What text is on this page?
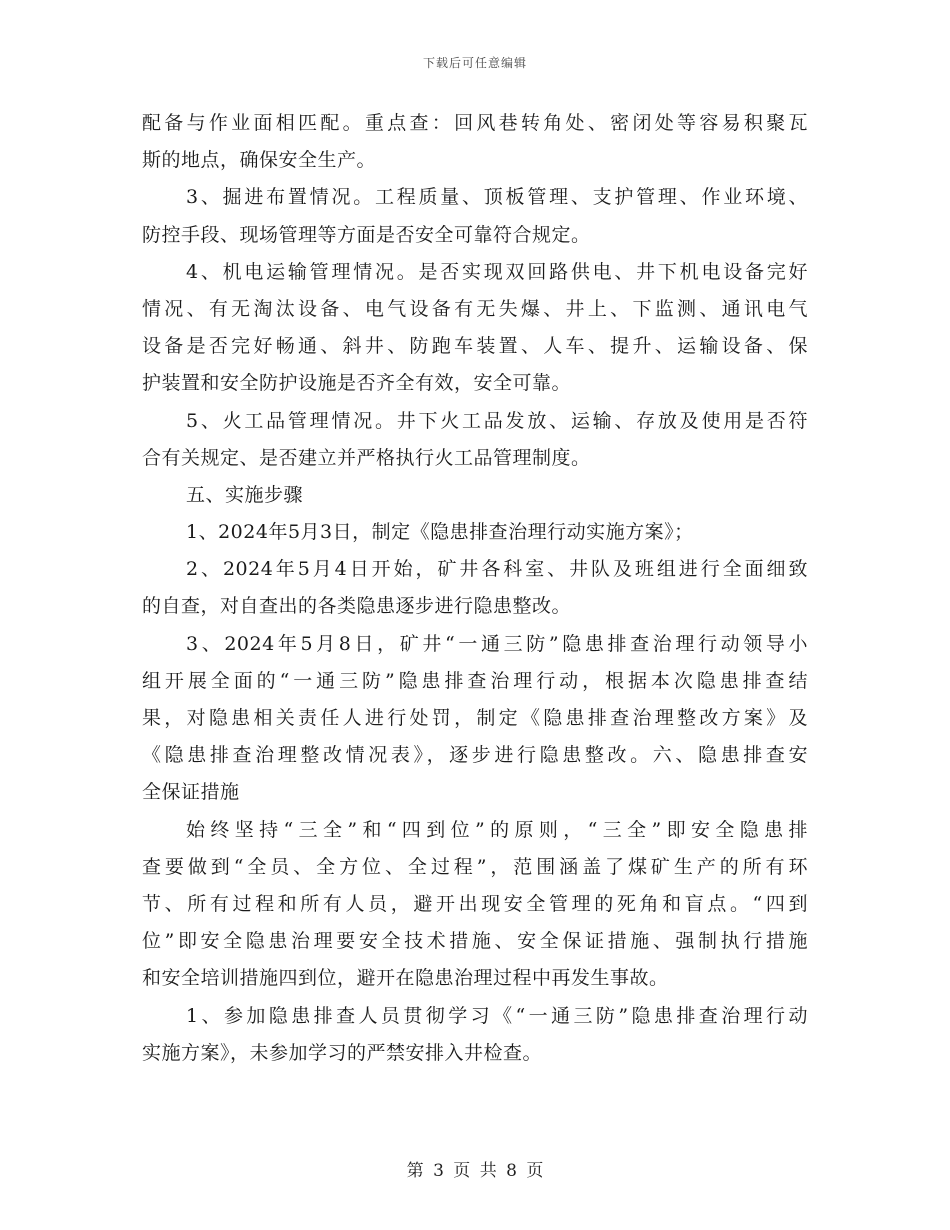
下载后可任意编辑
配备与作业面相匹配。重点查：回风巷转角处、密闭处等容易积聚瓦
斯的地点，确保安全生产。
3、掘进布置情况。工程质量、顶板管理、支护管理、作业环境、
防控手段、现场管理等方面是否安全可靠符合规定。
4、机电运输管理情况。是否实现双回路供电、井下机电设备完好
情况、有无淘汰设备、电气设备有无失爆、井上、下监测、通讯电气
设备是否完好畅通、斜井、防跑车装置、人车、提升、运输设备、保
护装置和安全防护设施是否齐全有效，安全可靠。
5、火工品管理情况。井下火工品发放、运输、存放及使用是否符
合有关规定、是否建立并严格执行火工品管理制度。
五、实施步骤
1、2024年5月3日，制定《隐患排查治理行动实施方案》；
2、2024年5月4日开始，矿井各科室、井队及班组进行全面细致
的自查，对自查出的各类隐患逐步进行隐患整改。
3、2024年5月8日，矿井“一通三防”隐患排查治理行动领导小
组开展全面的“一通三防”隐患排查治理行动，根据本次隐患排查结
果，对隐患相关责任人进行处罚，制定《隐患排查治理整改方案》及
《隐患排查治理整改情况表》，逐步进行隐患整改。六、隐患排查安
全保证措施
始终坚持“三全”和“四到位”的原则，“三全”即安全隐患排
查要做到“全员、全方位、全过程”，范围涵盖了煤矿生产的所有环
节、所有过程和所有人员，避开出现安全管理的死角和盲点。“四到
位”即安全隐患治理要安全技术措施、安全保证措施、强制执行措施
和安全培训措施四到位，避开在隐患治理过程中再发生事故。
1、参加隐患排查人员贯彻学习《“一通三防”隐患排查治理行动
实施方案》，未参加学习的严禁安排入井检查。
第 3 页 共 8 页
